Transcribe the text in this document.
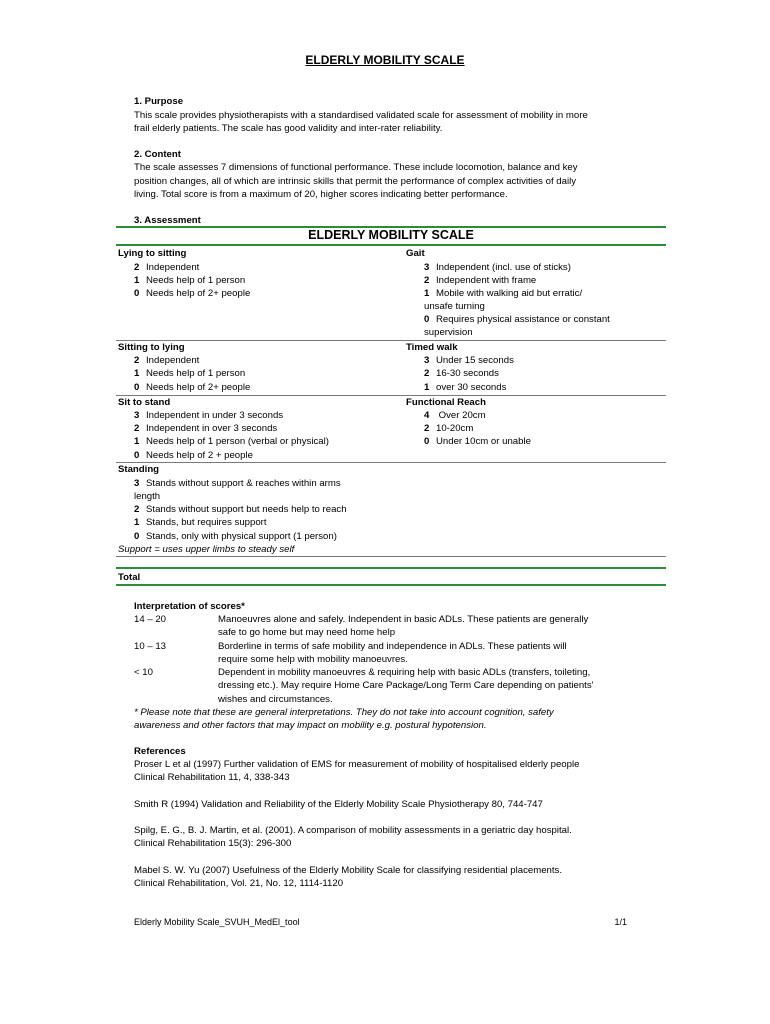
ELDERLY MOBILITY SCALE
1. Purpose
This scale provides physiotherapists with a standardised validated scale for assessment of mobility in more
frail elderly patients. The scale has good validity and inter-rater reliability.
2. Content
The scale assesses 7 dimensions of functional performance. These include locomotion, balance and key
position changes, all of which are intrinsic skills that permit the performance of complex activities of daily
living. Total score is from a maximum of 20, higher scores indicating better performance.
3. Assessment
ELDERLY MOBILITY SCALE
Lying to sitting
2 Independent
1 Needs help of 1 person
0 Needs help of 2+ people
Gait
3 Independent (incl. use of sticks)
2 Independent with frame
1 Mobile with walking aid but erratic/
unsafe turning
0 Requires physical assistance or constant
supervision
Sitting to lying
2 Independent
1 Needs help of 1 person
0 Needs help of 2+ people
Timed walk
3 Under 15 seconds
2 16-30 seconds
1 over 30 seconds
Sit to stand
3 Independent in under 3 seconds
2 Independent in over 3 seconds
1 Needs help of 1 person (verbal or physical)
0 Needs help of 2 + people
Functional Reach
4 Over 20cm
2 10-20cm
0 Under 10cm or unable
Standing
3 Stands without support & reaches within arms
length
2 Stands without support but needs help to reach
1 Stands, but requires support
0 Stands, only with physical support (1 person)
Support = uses upper limbs to steady self
Total
Interpretation of scores*
14 – 20	Manoeuvres alone and safely. Independent in basic ADLs. These patients are generally
safe to go home but may need home help
10 – 13	Borderline in terms of safe mobility and independence in ADLs. These patients will
require some help with mobility manoeuvres.
< 10	Dependent in mobility manoeuvres & requiring help with basic ADLs (transfers, toileting,
dressing etc.). May require Home Care Package/Long Term Care depending on patients'
wishes and circumstances.
* Please note that these are general interpretations. They do not take into account cognition, safety
awareness and other factors that may impact on mobility e.g. postural hypotension.
References
Proser L et al (1997) Further validation of EMS for measurement of mobility of hospitalised elderly people
Clinical Rehabilitation 11, 4, 338-343
Smith R (1994) Validation and Reliability of the Elderly Mobility Scale Physiotherapy 80, 744-747
Spilg, E. G., B. J. Martin, et al. (2001). A comparison of mobility assessments in a geriatric day hospital.
Clinical Rehabilitation 15(3): 296-300
Mabel S. W. Yu (2007) Usefulness of the Elderly Mobility Scale for classifying residential placements.
Clinical Rehabilitation, Vol. 21, No. 12, 1114-1120
Elderly Mobility Scale_SVUH_MedEl_tool	1/1
